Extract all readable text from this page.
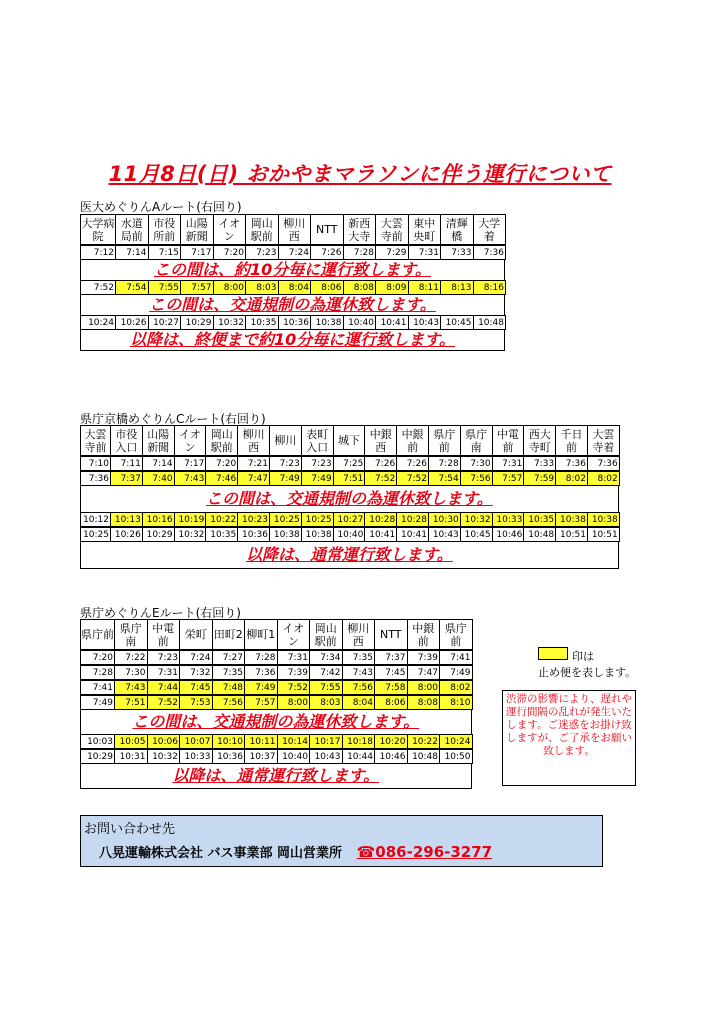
11月8日(日) おかやまマラソンに伴う運行について
医大めぐりんAルート(右回り)
大学病院	水道局前	市役所前	山陽新聞	イオン	岡山駅前	柳川西	NTT	新西大寺	大雲寺前	東中央町	清輝橋	大学着
7:12	7:14	7:15	7:17	7:20	7:23	7:24	7:26	7:28	7:29	7:31	7:33	7:36
この間は、約10分毎に運行致します。
7:52	7:54	7:55	7:57	8:00	8:03	8:04	8:06	8:08	8:09	8:11	8:13	8:16
この間は、交通規制の為運休致します。
10:24	10:26	10:27	10:29	10:32	10:35	10:36	10:38	10:40	10:41	10:43	10:45	10:48
以降は、終便まで約10分毎に運行致します。
県庁京橋めぐりんCルート(右回り)
大雲寺前	市役入口	山陽新聞	イオン	岡山駅前	柳川西	柳川	表町入口	城下	中銀西	中銀前	県庁前	県庁南	中電前	西大寺町	千日前	大雲寺着
7:10	7:11	7:14	7:17	7:20	7:21	7:23	7:23	7:25	7:26	7:26	7:28	7:30	7:31	7:33	7:36	7:36
7:36	7:37	7:40	7:43	7:46	7:47	7:49	7:49	7:51	7:52	7:52	7:54	7:56	7:57	7:59	8:02	8:02
この間は、交通規制の為運休致します。
10:12	10:13	10:16	10:19	10:22	10:23	10:25	10:25	10:27	10:28	10:28	10:30	10:32	10:33	10:35	10:38	10:38
10:25	10:26	10:29	10:32	10:35	10:36	10:38	10:38	10:40	10:41	10:41	10:43	10:45	10:46	10:48	10:51	10:51
以降は、通常運行致します。
県庁めぐりんEルート(右回り)
県庁前	県庁南	中電前	栄町	田町2	柳町1	イオン	岡山駅前	柳川西	NTT	中銀前	県庁前
7:20	7:22	7:23	7:24	7:27	7:28	7:31	7:34	7:35	7:37	7:39	7:41
7:28	7:30	7:31	7:32	7:35	7:36	7:39	7:42	7:43	7:45	7:47	7:49
7:41	7:43	7:44	7:45	7:48	7:49	7:52	7:55	7:56	7:58	8:00	8:02
7:49	7:51	7:52	7:53	7:56	7:57	8:00	8:03	8:04	8:06	8:08	8:10
この間は、交通規制の為運休致します。
10:03	10:05	10:06	10:07	10:10	10:11	10:14	10:17	10:18	10:20	10:22	10:24
10:29	10:31	10:32	10:33	10:36	10:37	10:40	10:43	10:44	10:46	10:48	10:50
以降は、通常運行致します。
印は
止め便を表します。
渋滞の影響により、遅れや運行間隔の乱れが発生いたします。ご迷惑をお掛け致しますが、ご了承をお願い致します。
お問い合わせ先
八晃運輸株式会社 バス事業部 岡山営業所 ☎086-296-3277
